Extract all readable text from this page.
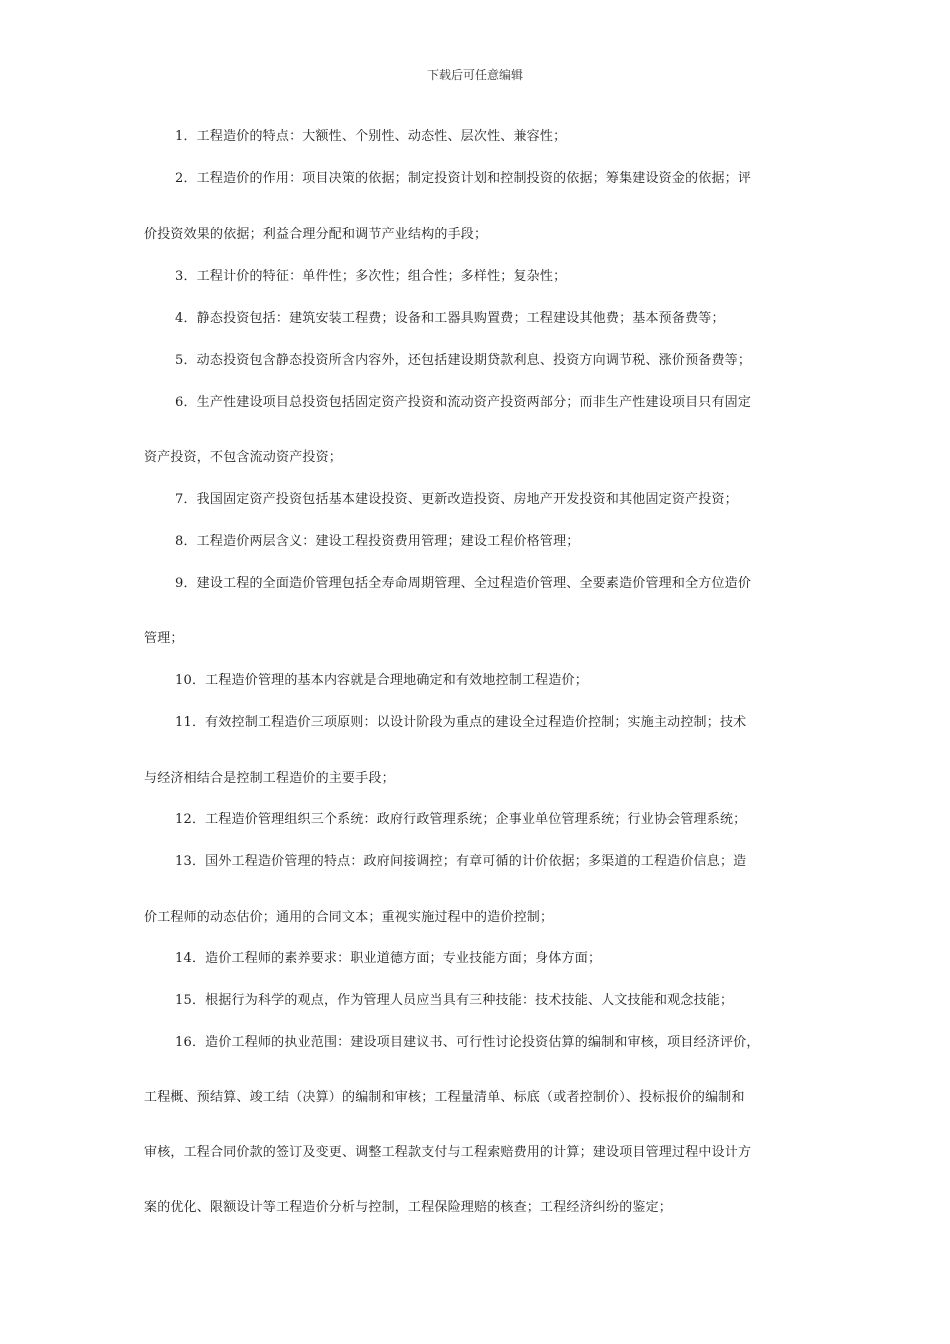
下载后可任意编辑
1．工程造价的特点：大额性、个别性、动态性、层次性、兼容性；
2．工程造价的作用：项目决策的依据；制定投资计划和控制投资的依据；筹集建设资金的依据；评
价投资效果的依据；利益合理分配和调节产业结构的手段；
3．工程计价的特征：单件性；多次性；组合性；多样性；复杂性；
4．静态投资包括：建筑安装工程费；设备和工器具购置费；工程建设其他费；基本预备费等；
5．动态投资包含静态投资所含内容外，还包括建设期贷款利息、投资方向调节税、涨价预备费等；
6．生产性建设项目总投资包括固定资产投资和流动资产投资两部分；而非生产性建设项目只有固定
资产投资，不包含流动资产投资；
7．我国固定资产投资包括基本建设投资、更新改造投资、房地产开发投资和其他固定资产投资；
8．工程造价两层含义：建设工程投资费用管理；建设工程价格管理；
9．建设工程的全面造价管理包括全寿命周期管理、全过程造价管理、全要素造价管理和全方位造价
管理；
10．工程造价管理的基本内容就是合理地确定和有效地控制工程造价；
11．有效控制工程造价三项原则：以设计阶段为重点的建设全过程造价控制；实施主动控制；技术
与经济相结合是控制工程造价的主要手段；
12．工程造价管理组织三个系统：政府行政管理系统；企事业单位管理系统；行业协会管理系统；
13．国外工程造价管理的特点：政府间接调控；有章可循的计价依据；多渠道的工程造价信息；造
价工程师的动态估价；通用的合同文本；重视实施过程中的造价控制；
14．造价工程师的素养要求：职业道德方面；专业技能方面；身体方面；
15．根据行为科学的观点，作为管理人员应当具有三种技能：技术技能、人文技能和观念技能；
16．造价工程师的执业范围：建设项目建议书、可行性讨论投资估算的编制和审核，项目经济评价，
工程概、预结算、竣工结（决算）的编制和审核；工程量清单、标底（或者控制价）、投标报价的编制和
审核，工程合同价款的签订及变更、调整工程款支付与工程索赔费用的计算；建设项目管理过程中设计方
案的优化、限额设计等工程造价分析与控制，工程保险理赔的核查；工程经济纠纷的鉴定；
